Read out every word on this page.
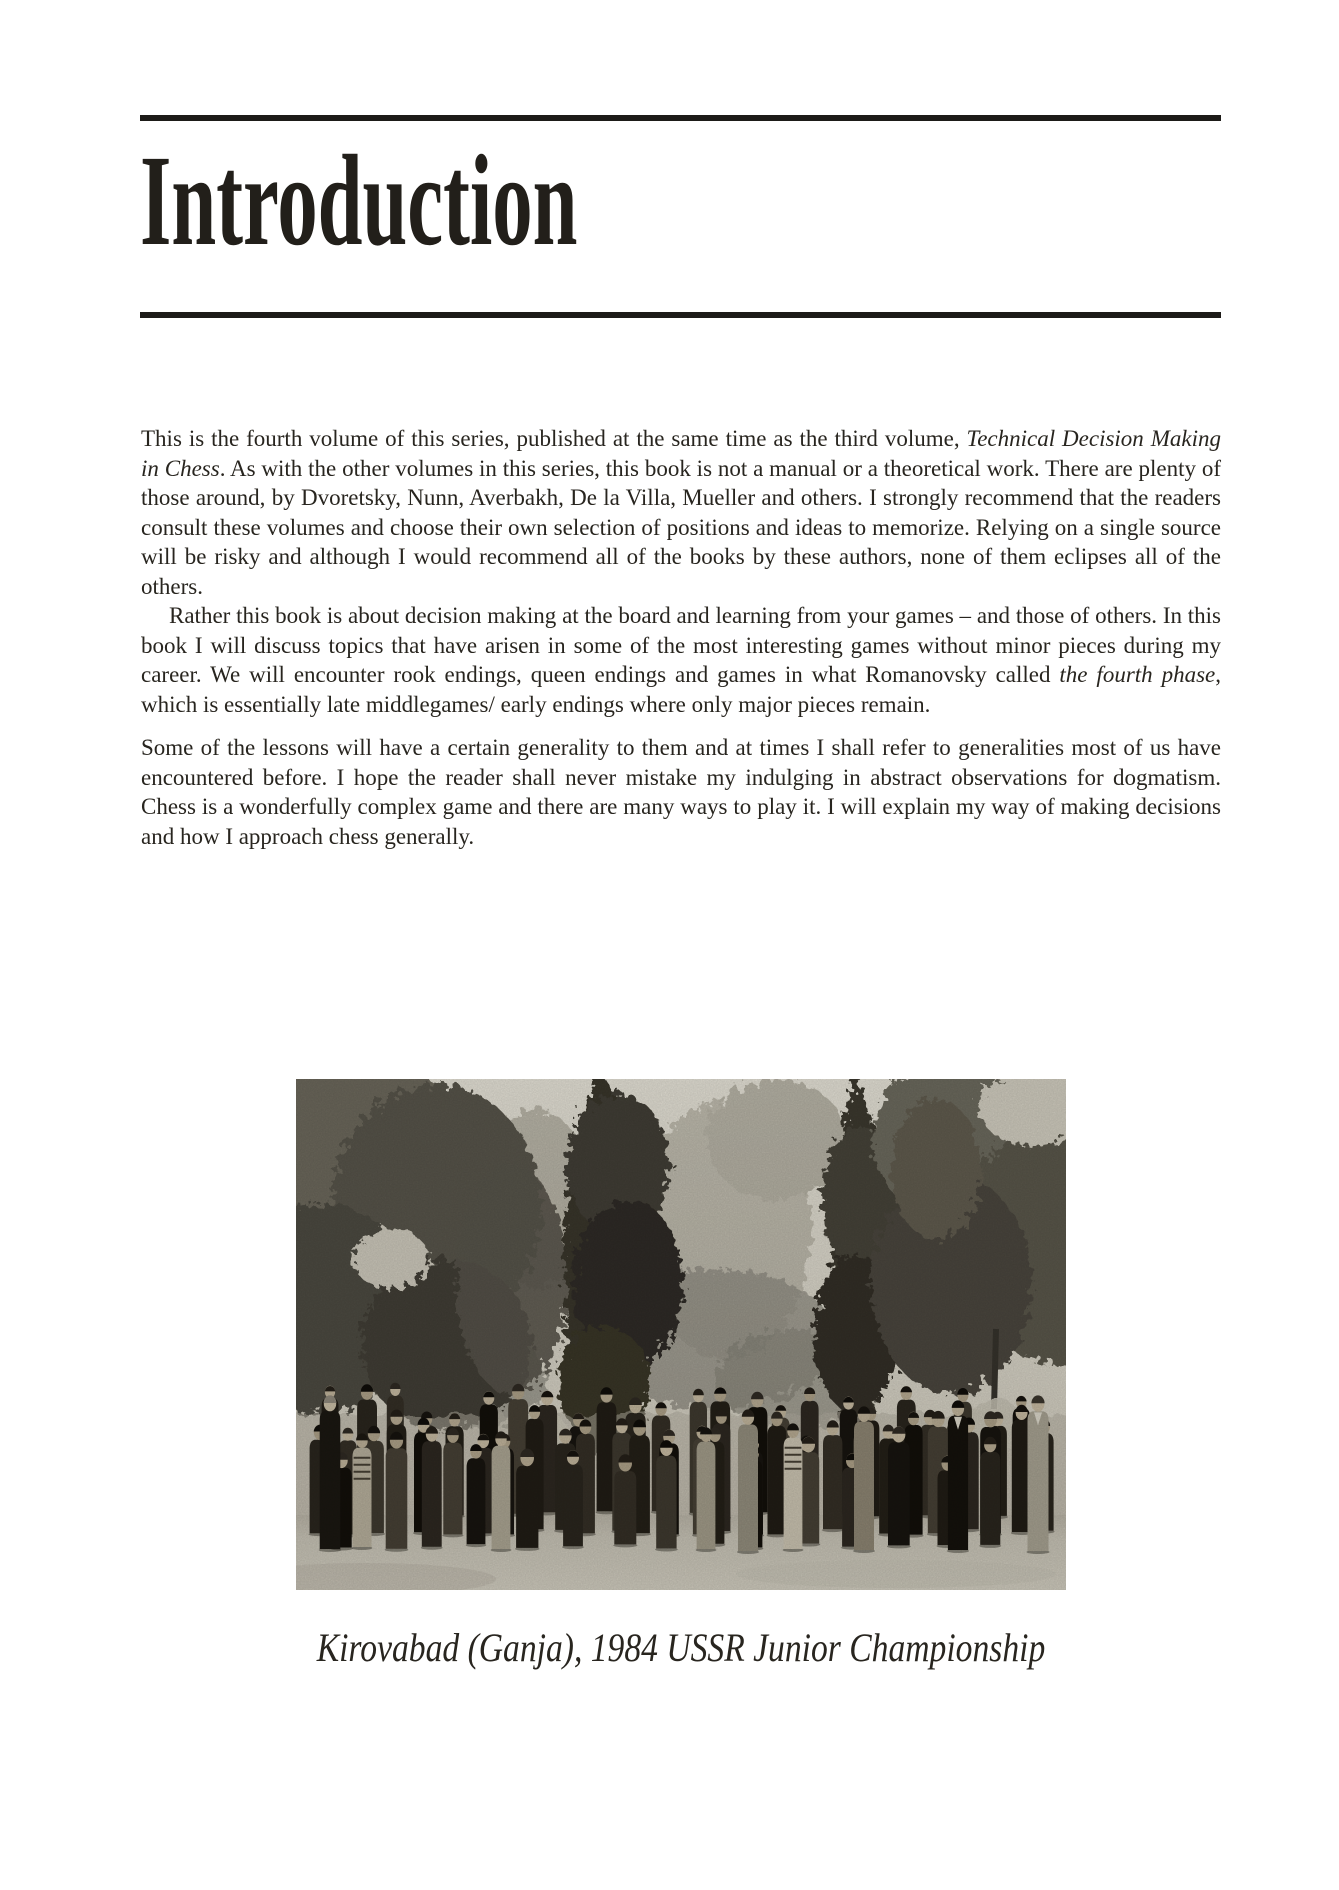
Introduction

This is the fourth volume of this series, published at the same time as the third volume, Technical Decision Making in Chess. As with the other volumes in this series, this book is not a manual or a theoretical work. There are plenty of those around, by Dvoretsky, Nunn, Averbakh, De la Villa, Mueller and others. I strongly recommend that the readers consult these volumes and choose their own selection of positions and ideas to memorize. Relying on a single source will be risky and although I would recommend all of the books by these authors, none of them eclipses all of the others.

Rather this book is about decision making at the board and learning from your games – and those of others. In this book I will discuss topics that have arisen in some of the most interesting games without minor pieces during my career. We will encounter rook endings, queen endings and games in what Romanovsky called the fourth phase, which is essentially late middlegames/ early endings where only major pieces remain.

Some of the lessons will have a certain generality to them and at times I shall refer to generalities most of us have encountered before. I hope the reader shall never mistake my indulging in abstract observations for dogmatism. Chess is a wonderfully complex game and there are many ways to play it. I will explain my way of making decisions and how I approach chess generally.

Kirovabad (Ganja), 1984 USSR Junior Championship
